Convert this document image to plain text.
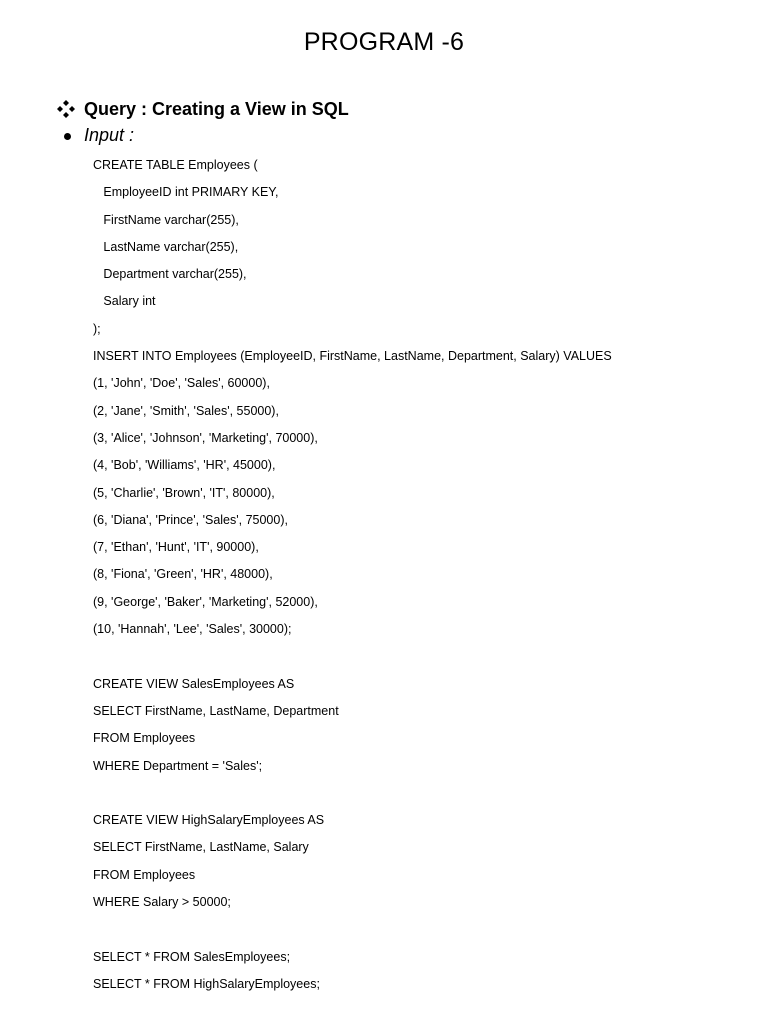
PROGRAM -6
Query : Creating a View in SQL
Input :
CREATE TABLE Employees (
EmployeeID int PRIMARY KEY,
FirstName varchar(255),
LastName varchar(255),
Department varchar(255),
Salary int
);
INSERT INTO Employees (EmployeeID, FirstName, LastName, Department, Salary) VALUES
(1, 'John', 'Doe', 'Sales', 60000),
(2, 'Jane', 'Smith', 'Sales', 55000),
(3, 'Alice', 'Johnson', 'Marketing', 70000),
(4, 'Bob', 'Williams', 'HR', 45000),
(5, 'Charlie', 'Brown', 'IT', 80000),
(6, 'Diana', 'Prince', 'Sales', 75000),
(7, 'Ethan', 'Hunt', 'IT', 90000),
(8, 'Fiona', 'Green', 'HR', 48000),
(9, 'George', 'Baker', 'Marketing', 52000),
(10, 'Hannah', 'Lee', 'Sales', 30000);
CREATE VIEW SalesEmployees AS
SELECT FirstName, LastName, Department
FROM Employees
WHERE Department = 'Sales';
CREATE VIEW HighSalaryEmployees AS
SELECT FirstName, LastName, Salary
FROM Employees
WHERE Salary > 50000;
SELECT * FROM SalesEmployees;
SELECT * FROM HighSalaryEmployees;
